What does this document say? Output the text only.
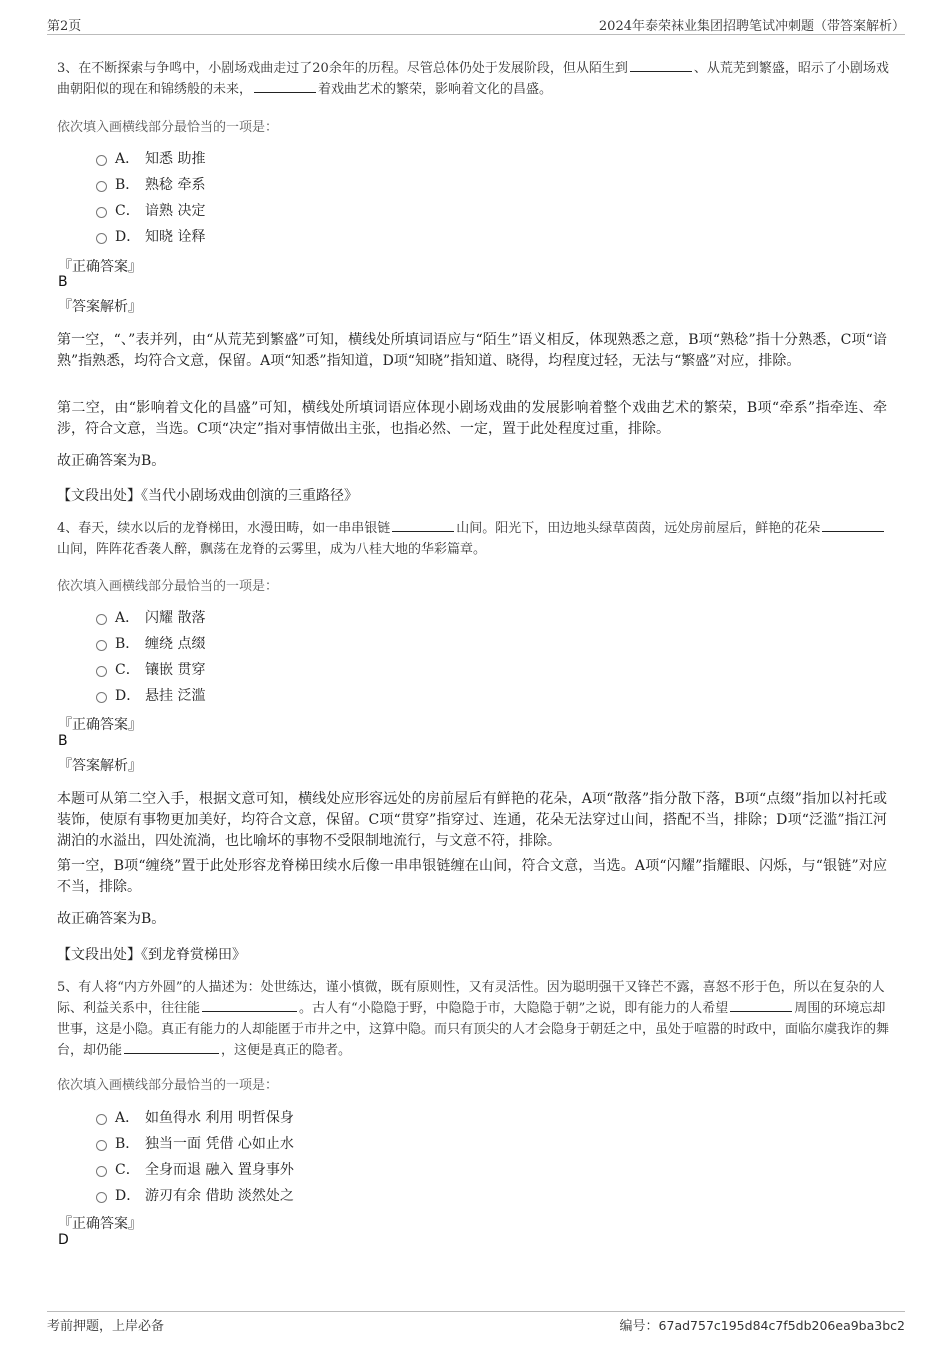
第2页	2024年泰荣袜业集团招聘笔试冲刺题（带答案解析）
3、在不断探索与争鸣中，小剧场戏曲走过了20余年的历程。尽管总体仍处于发展阶段，但从陌生到	、从荒芜到繁盛，昭示了小剧场戏曲朝阳似的现在和锦绣般的未来，	着戏曲艺术的繁荣，影响着文化的昌盛。
依次填入画横线部分最恰当的一项是：
A． 知悉 助推
B． 熟稔 牵系
C． 谙熟 决定
D． 知晓 诠释
『正确答案』
B
『答案解析』
第一空，“、”表并列，由“从荒芜到繁盛”可知，横线处所填词语应与“陌生”语义相反，体现熟悉之意，B项“熟稔”指十分熟悉，C项“谙熟”指熟悉，均符合文意，保留。A项“知悉”指知道，D项“知晓”指知道、晓得，均程度过轻，无法与“繁盛”对应，排除。
第二空，由“影响着文化的昌盛”可知，横线处所填词语应体现小剧场戏曲的发展影响着整个戏曲艺术的繁荣，B项“牵系”指牵连、牵涉，符合文意，当选。C项“决定”指对事情做出主张，也指必然、一定，置于此处程度过重，排除。
故正确答案为B。
【文段出处】《当代小剧场戏曲创演的三重路径》
4、春天，续水以后的龙脊梯田，水漫田畴，如一串串银链	山间。阳光下，田边地头绿草茵茵，远处房前屋后，鲜艳的花朵山间，阵阵花香袭人醉，飘荡在龙脊的云雾里，成为八桂大地的华彩篇章。
依次填入画横线部分最恰当的一项是：
A． 闪耀 散落
B． 缠绕 点缀
C． 镶嵌 贯穿
D． 悬挂 泛滥
『正确答案』
B
『答案解析』
本题可从第二空入手，根据文意可知，横线处应形容远处的房前屋后有鲜艳的花朵，A项“散落”指分散下落，B项“点缀”指加以衬托或装饰，使原有事物更加美好，均符合文意，保留。C项“贯穿”指穿过、连通，花朵无法穿过山间，搭配不当，排除；D项“泛滥”指江河湖泊的水溢出，四处流淌，也比喻坏的事物不受限制地流行，与文意不符，排除。
第一空，B项“缠绕”置于此处形容龙脊梯田续水后像一串串银链缠在山间，符合文意，当选。A项“闪耀”指耀眼、闪烁，与“银链”对应不当，排除。
故正确答案为B。
【文段出处】《到龙脊赏梯田》
5、有人将“内方外圆”的人描述为：处世练达，谨小慎微，既有原则性，又有灵活性。因为聪明强干又锋芒不露，喜怒不形于色，所以在复杂的人际、利益关系中，往往能	。古人有“小隐隐于野，中隐隐于市，大隐隐于朝”之说，即有能力的人希望	周围的环境忘却世事，这是小隐。真正有能力的人却能匿于市井之中，这算中隐。而只有顶尖的人才会隐身于朝廷之中，虽处于喧嚣的时政中，面临尔虞我诈的舞台，却仍能	，这便是真正的隐者。
依次填入画横线部分最恰当的一项是：
A． 如鱼得水 利用 明哲保身
B． 独当一面 凭借 心如止水
C． 全身而退 融入 置身事外
D． 游刃有余 借助 淡然处之
『正确答案』
D
考前押题，上岸必备	编号：67ad757c195d84c7f5db206ea9ba3bc2
